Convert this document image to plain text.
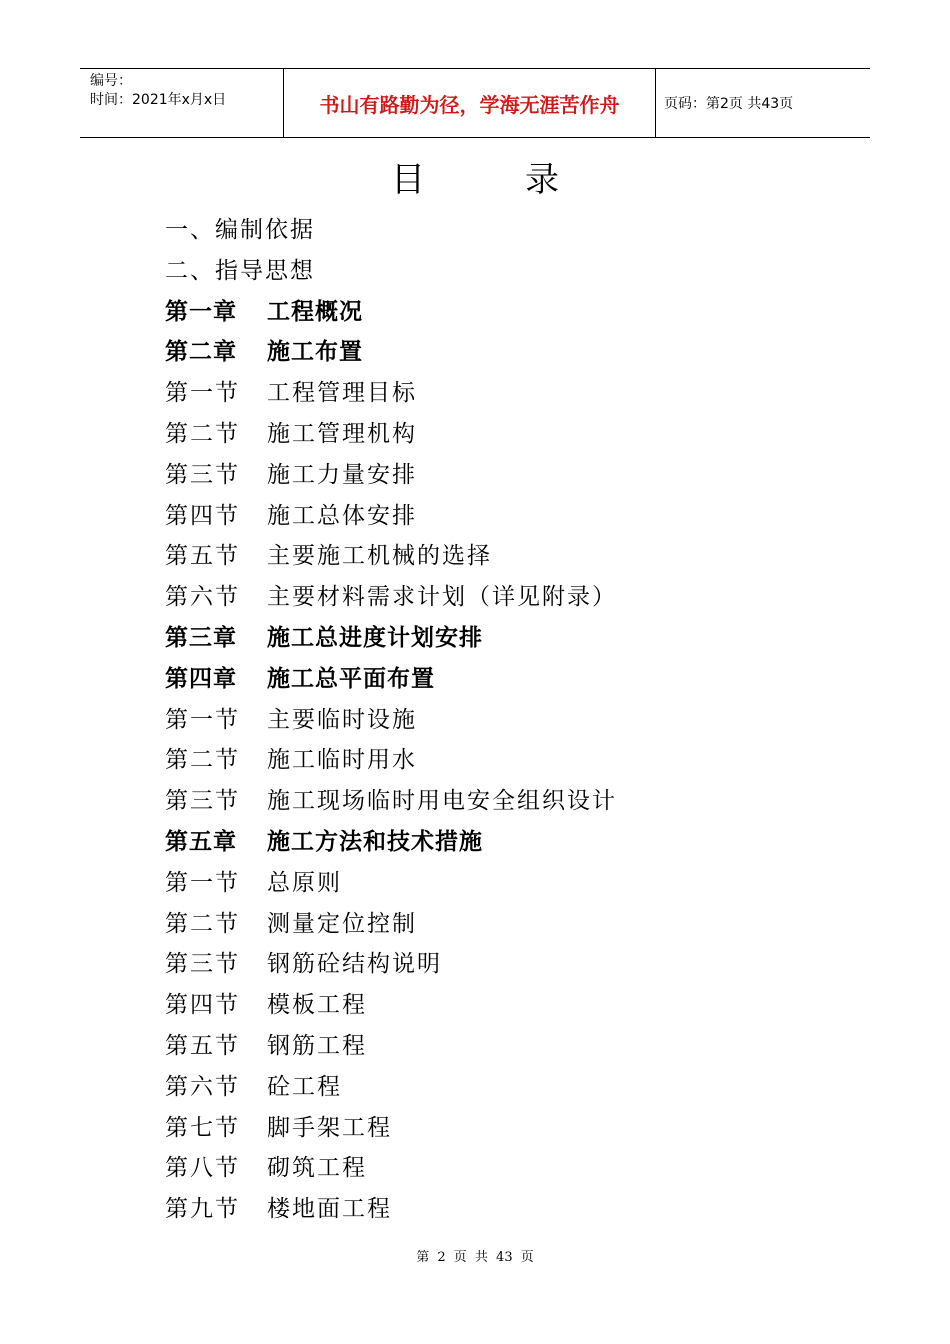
编号：
时间：2021年x月x日	书山有路勤为径，学海无涯苦作舟	页码：第2页 共43页
目录
一、编制依据
二、指导思想
第一章 工程概况
第二章 施工布置
第一节 工程管理目标
第二节 施工管理机构
第三节 施工力量安排
第四节 施工总体安排
第五节 主要施工机械的选择
第六节 主要材料需求计划（详见附录）
第三章 施工总进度计划安排
第四章 施工总平面布置
第一节 主要临时设施
第二节 施工临时用水
第三节 施工现场临时用电安全组织设计
第五章 施工方法和技术措施
第一节 总原则
第二节 测量定位控制
第三节 钢筋砼结构说明
第四节 模板工程
第五节 钢筋工程
第六节 砼工程
第七节 脚手架工程
第八节 砌筑工程
第九节 楼地面工程
第 2 页 共 43 页
